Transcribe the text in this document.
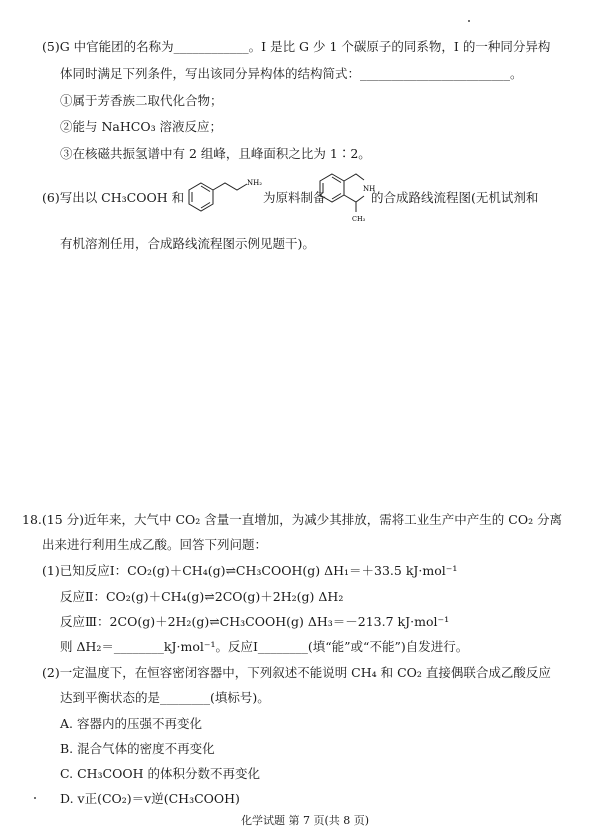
(5)G 中官能团的名称为____________。I 是比 G 少 1 个碳原子的同系物，I 的一种同分异构
体同时满足下列条件，写出该同分异构体的结构简式：________________________。
①属于芳香族二取代化合物；
②能与 NaHCO₃ 溶液反应；
③在核磁共振氢谱中有 2 组峰，且峰面积之比为 1∶2。
(6)写出以 CH₃COOH 和
NH₂
为原料制备
NH
CH₃
的合成路线流程图(无机试剂和
有机溶剂任用，合成路线流程图示例见题干)。
18.(15 分)近年来，大气中 CO₂ 含量一直增加，为减少其排放，需将工业生产中产生的 CO₂ 分离
出来进行利用生成乙酸。回答下列问题：
(1)已知反应Ⅰ：CO₂(g)＋CH₄(g)⇌CH₃COOH(g) ΔH₁＝＋33.5 kJ·mol⁻¹
反应Ⅱ：CO₂(g)＋CH₄(g)⇌2CO(g)＋2H₂(g) ΔH₂
反应Ⅲ：2CO(g)＋2H₂(g)⇌CH₃COOH(g) ΔH₃＝－213.7 kJ·mol⁻¹
则 ΔH₂＝________kJ·mol⁻¹。反应Ⅰ________(填“能”或“不能”)自发进行。
(2)一定温度下，在恒容密闭容器中，下列叙述不能说明 CH₄ 和 CO₂ 直接偶联合成乙酸反应
达到平衡状态的是________(填标号)。
A. 容器内的压强不再变化
B. 混合气体的密度不再变化
C. CH₃COOH 的体积分数不再变化
D. v正(CO₂)＝v逆(CH₃COOH)
化学试题 第 7 页(共 8 页)
